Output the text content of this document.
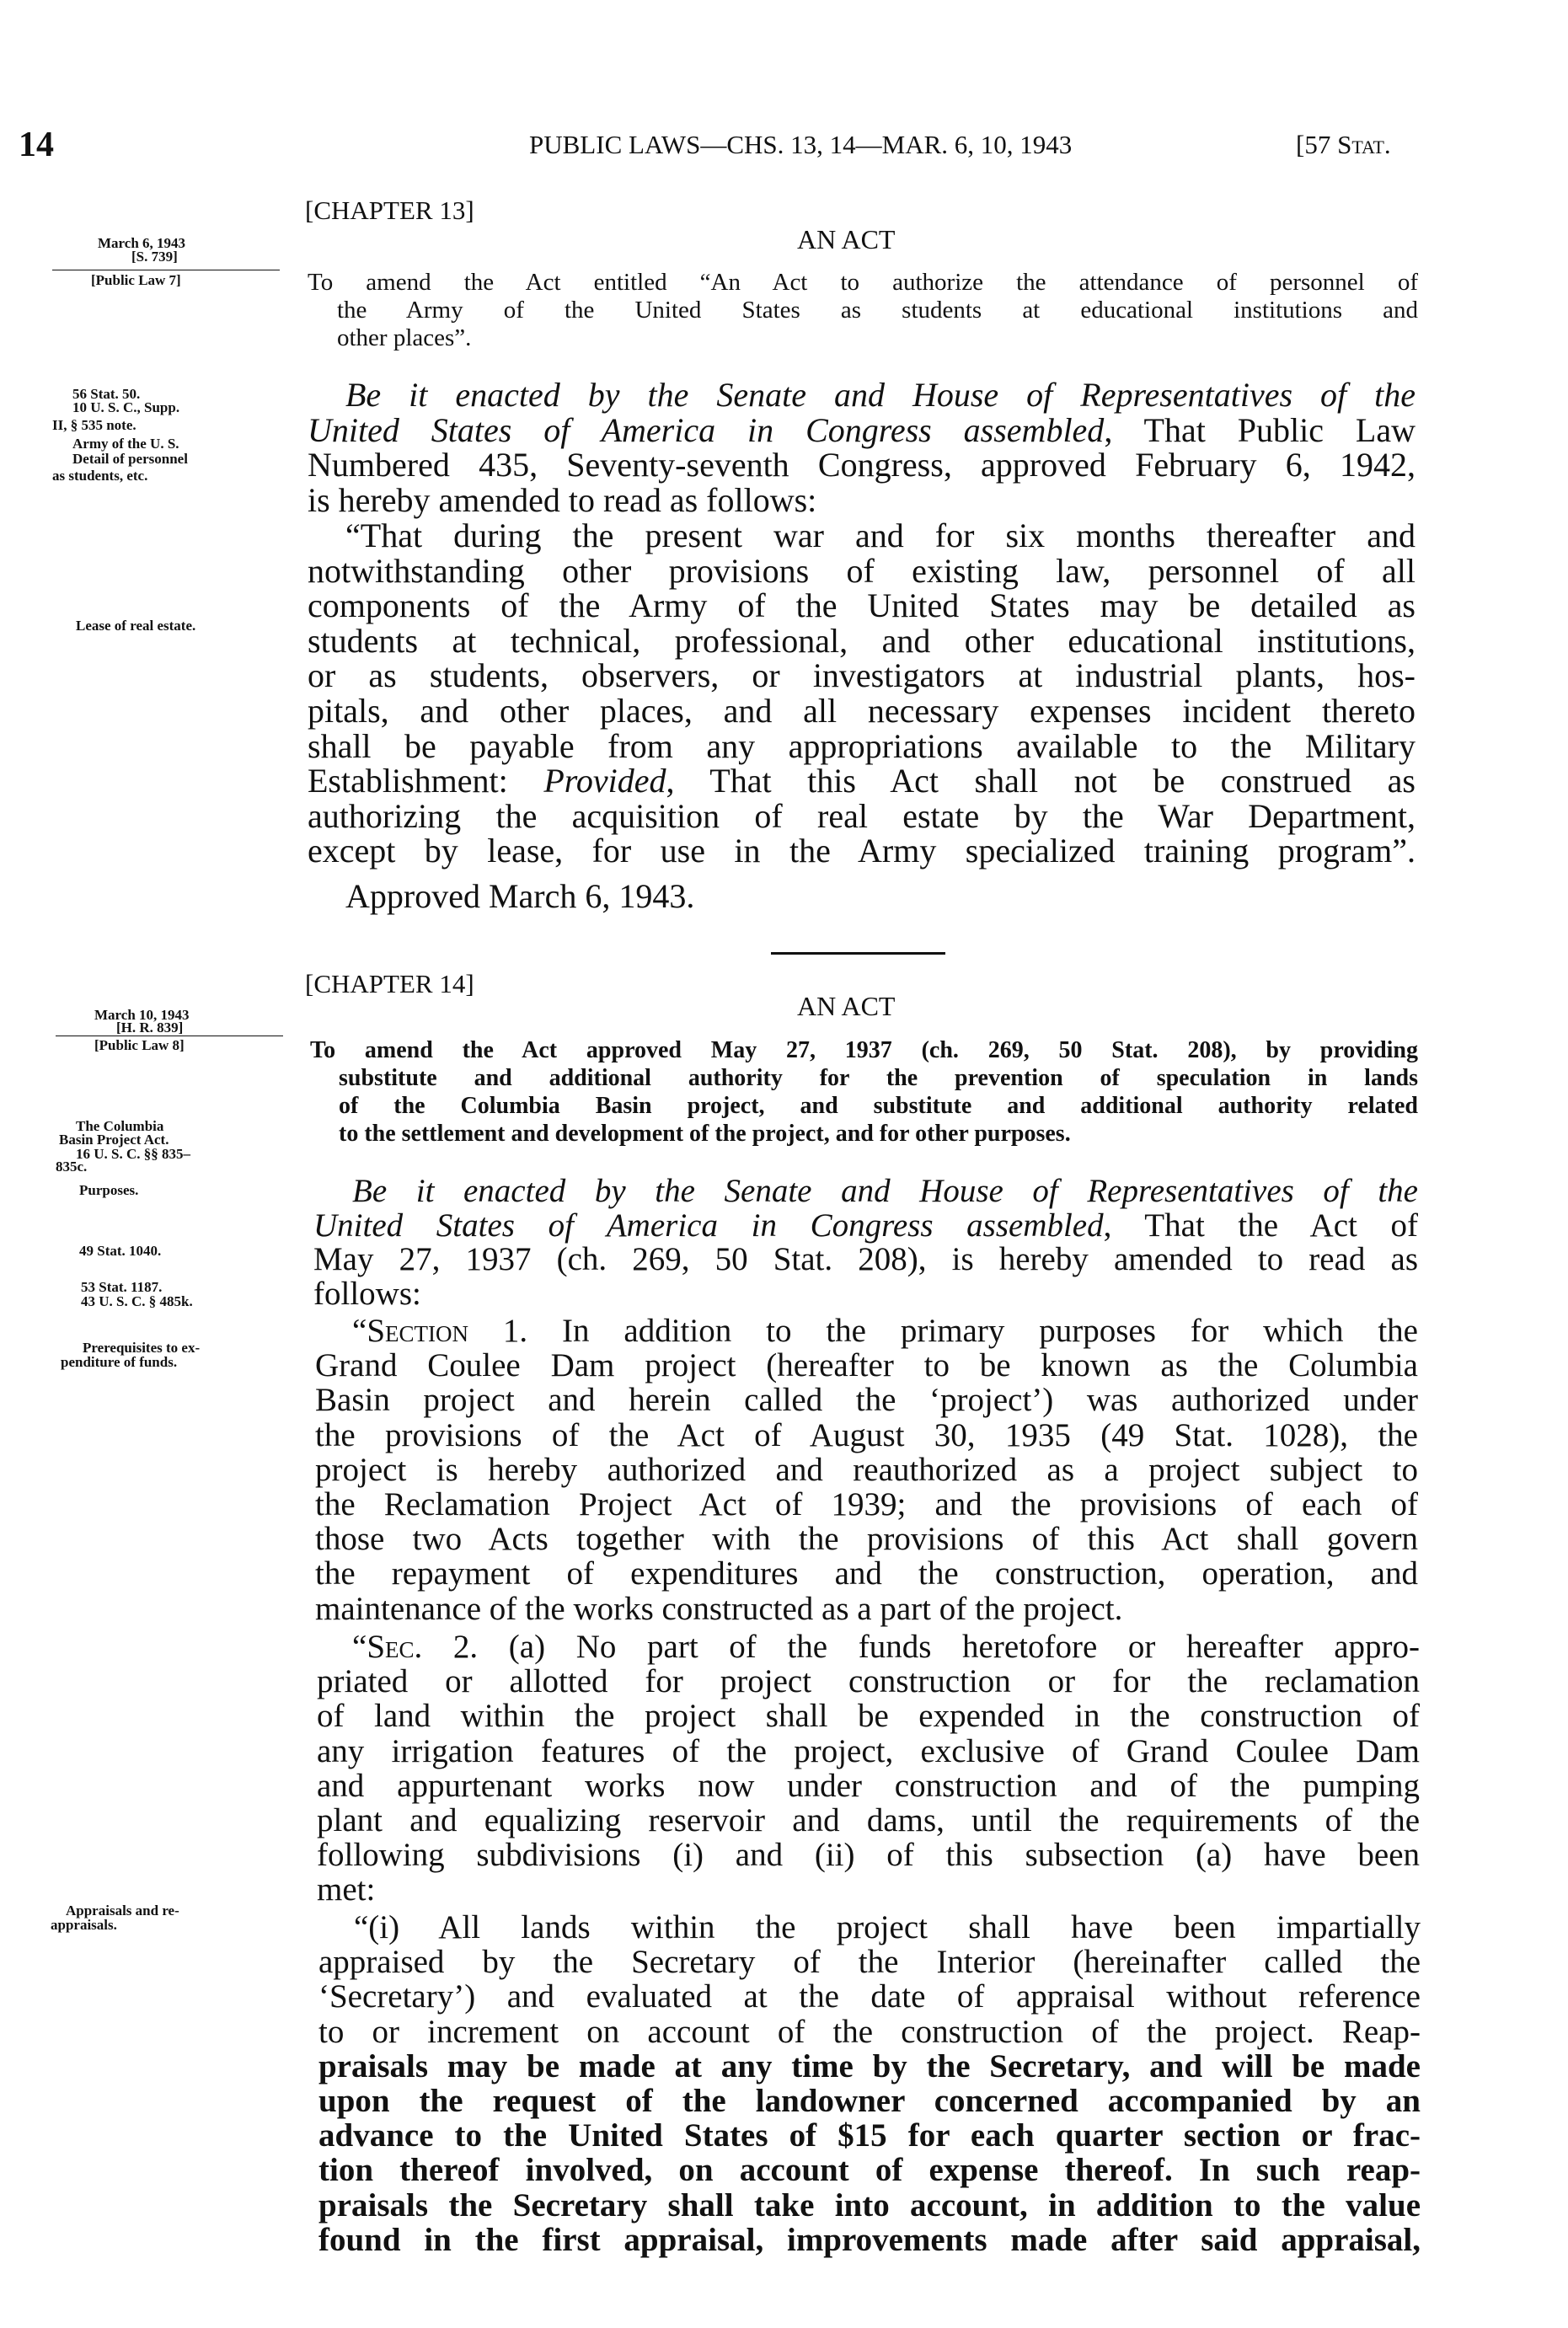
14	PUBLIC LAWS—CHS. 13, 14—MAR. 6, 10, 1943	[57 Stat.
[CHAPTER 13]
AN ACT
March 6, 1943
[S. 739]
[Public Law 7]
[CHAPTER 14]
AN ACT
March 10, 1943
[H. R. 839]
[Public Law 8]
To amend the Act entitled “An Act to authorize the attendance of personnel of
the Army of the United States as students at educational institutions and
other places”.
Be it enacted by the Senate and House of Representatives of the
United States of America in Congress assembled, That Public Law
Numbered 435, Seventy-seventh Congress, approved February 6, 1942,
is hereby amended to read as follows:
“That during the present war and for six months thereafter and
notwithstanding other provisions of existing law, personnel of all
components of the Army of the United States may be detailed as
students at technical, professional, and other educational institutions,
or as students, observers, or investigators at industrial plants, hos-
pitals, and other places, and all necessary expenses incident thereto
shall be payable from any appropriations available to the Military
Establishment: Provided, That this Act shall not be construed as
authorizing the acquisition of real estate by the War Department,
except by lease, for use in the Army specialized training program”.
Approved March 6, 1943.
To amend the Act approved May 27, 1937 (ch. 269, 50 Stat. 208), by providing
substitute and additional authority for the prevention of speculation in lands
of the Columbia Basin project, and substitute and additional authority related
to the settlement and development of the project, and for other purposes.
Be it enacted by the Senate and House of Representatives of the
United States of America in Congress assembled, That the Act of
May 27, 1937 (ch. 269, 50 Stat. 208), is hereby amended to read as
follows:
“Section 1. In addition to the primary purposes for which the
Grand Coulee Dam project (hereafter to be known as the Columbia
Basin project and herein called the ‘project’) was authorized under
the provisions of the Act of August 30, 1935 (49 Stat. 1028), the
project is hereby authorized and reauthorized as a project subject to
the Reclamation Project Act of 1939; and the provisions of each of
those two Acts together with the provisions of this Act shall govern
the repayment of expenditures and the construction, operation, and
maintenance of the works constructed as a part of the project.
“Sec. 2. (a) No part of the funds heretofore or hereafter appro-
priated or allotted for project construction or for the reclamation
of land within the project shall be expended in the construction of
any irrigation features of the project, exclusive of Grand Coulee Dam
and appurtenant works now under construction and of the pumping
plant and equalizing reservoir and dams, until the requirements of the
following subdivisions (i) and (ii) of this subsection (a) have been
met:
“(i) All lands within the project shall have been impartially
appraised by the Secretary of the Interior (hereinafter called the
‘Secretary’) and evaluated at the date of appraisal without reference
to or increment on account of the construction of the project. Reap-
praisals may be made at any time by the Secretary, and will be made
upon the request of the landowner concerned accompanied by an
advance to the United States of $15 for each quarter section or frac-
tion thereof involved, on account of expense thereof. In such reap-
praisals the Secretary shall take into account, in addition to the value
found in the first appraisal, improvements made after said appraisal,
56 Stat. 50.
10 U. S. C., Supp.
II, § 535 note.
Army of the U. S.
Detail of personnel
as students, etc.
Lease of real estate.
The Columbia
Basin Project Act.
16 U. S. C. §§ 835–
835c.
Purposes.
49 Stat. 1040.
53 Stat. 1187.
43 U. S. C. § 485k.
Prerequisites to ex-
penditure of funds.
Appraisals and re-
appraisals.
